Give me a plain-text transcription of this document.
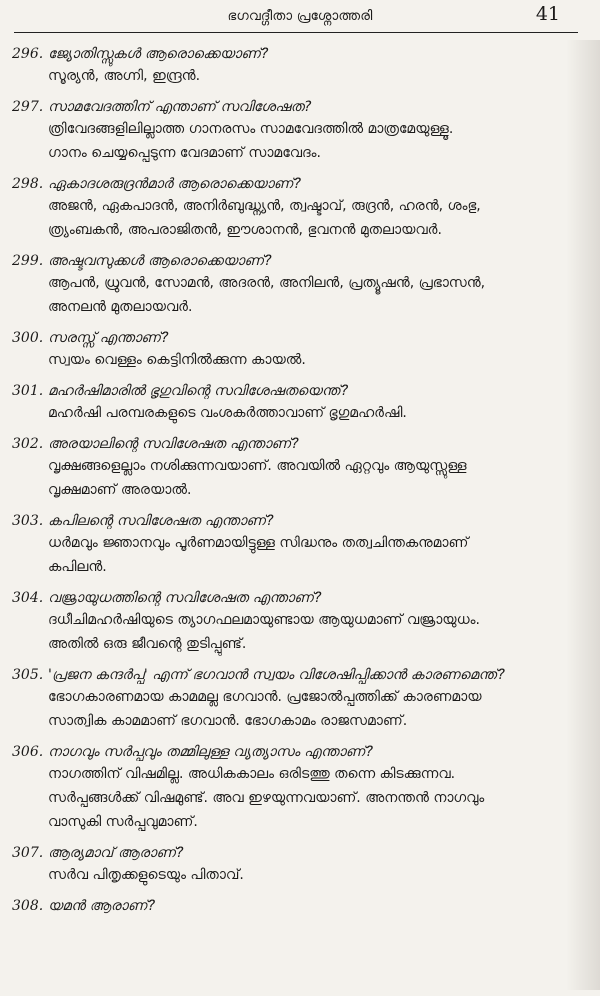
ഭഗവദ്ഗീതാ പ്രശ്നോത്തരി	41
296. ജ്യോതിസ്സുകൾ ആരൊക്കെയാണ്?
സൂര്യൻ, അഗ്നി, ഇന്ദ്രൻ.
297. സാമവേദത്തിന് എന്താണ് സവിശേഷത?
ത്രിവേദങ്ങളിലില്ലാത്ത ഗാനരസം സാമവേദത്തിൽ മാത്രമേയുള്ളൂ.
ഗാനം ചെയ്യപ്പെടുന്ന വേദമാണ് സാമവേദം.
298. ഏകാദശരുദ്രൻമാർ ആരൊക്കെയാണ്?
അജൻ, ഏകപാദൻ, അനിർബുദ്ധ്ന്യൻ, ത്വഷ്ടാവ്, രുദ്രൻ, ഹരൻ, ശംഭു,
ത്ര്യംബകൻ, അപരാജിതൻ, ഈശാനൻ, ഭുവനൻ മുതലായവർ.
299. അഷ്ടവസുക്കൾ ആരൊക്കെയാണ്?
ആപൻ, ധ്രുവൻ, സോമൻ, അദരൻ, അനിലൻ, പ്രത്യൂഷൻ, പ്രഭാസൻ,
അനലൻ മുതലായവർ.
300. സരസ്സ് എന്താണ്?
സ്വയം വെള്ളം കെട്ടിനിൽക്കുന്ന കായൽ.
301. മഹർഷിമാരിൽ ഭൃഗുവിന്റെ സവിശേഷതയെന്ത്?
മഹർഷി പരമ്പരകളുടെ വംശകർത്താവാണ് ഭൃഗുമഹർഷി.
302. അരയാലിന്റെ സവിശേഷത എന്താണ്?
വൃക്ഷങ്ങളെല്ലാം നശിക്കുന്നവയാണ്. അവയിൽ ഏറ്റവും ആയുസ്സുള്ള
വൃക്ഷമാണ് അരയാൽ.
303. കപിലന്റെ സവിശേഷത എന്താണ്?
ധർമവും ജ്ഞാനവും പൂർണമായിട്ടുള്ള സിദ്ധനും തത്വചിന്തകനുമാണ്
കപിലൻ.
304. വജ്രായുധത്തിന്റെ സവിശേഷത എന്താണ്?
ദധീചിമഹർഷിയുടെ ത്യാഗഫലമായുണ്ടായ ആയുധമാണ് വജ്രായുധം.
അതിൽ ഒരു ജീവന്റെ തുടിപ്പുണ്ട്.
305. 'പ്രജന കന്ദർപ്പ' എന്ന് ഭഗവാൻ സ്വയം വിശേഷിപ്പിക്കാൻ കാരണമെന്ത്?
ഭോഗകാരണമായ കാമമല്ല ഭഗവാൻ. പ്രജോൽപ്പത്തിക്ക് കാരണമായ
സാത്വിക കാമമാണ് ഭഗവാൻ. ഭോഗകാമം രാജസമാണ്.
306. നാഗവും സർപ്പവും തമ്മിലുള്ള വ്യത്യാസം എന്താണ്?
നാഗത്തിന് വിഷമില്ല. അധികകാലം ഒരിടത്തു തന്നെ കിടക്കുന്നവ.
സർപ്പങ്ങൾക്ക് വിഷമുണ്ട്. അവ ഇഴയുന്നവയാണ്. അനന്തൻ നാഗവും
വാസുകി സർപ്പവുമാണ്.
307. ആര്യമാവ് ആരാണ്?
സർവ പിതൃക്കളുടെയും പിതാവ്.
308. യമൻ ആരാണ്?
